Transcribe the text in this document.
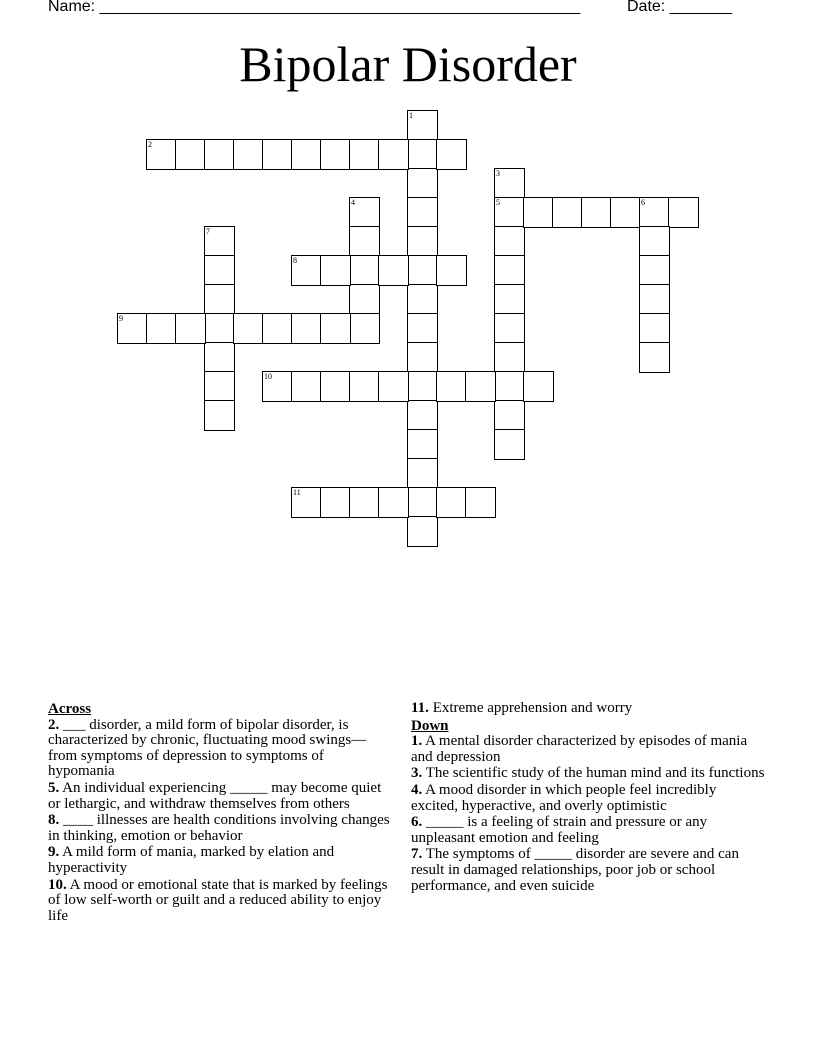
Name: ______________________________________________________	Date: _______
Bipolar Disorder
1
2
3
5
4	6
7
8
9
10
11
Across
2. ___ disorder, a mild form of bipolar disorder, is characterized by chronic, fluctuating mood swings—from symptoms of depression to symptoms of hypomania
5. An individual experiencing _____ may become quiet or lethargic, and withdraw themselves from others
8. ____ illnesses are health conditions involving changes in thinking, emotion or behavior
9. A mild form of mania, marked by elation and hyperactivity
10. A mood or emotional state that is marked by feelings of low self-worth or guilt and a reduced ability to enjoy life
11. Extreme apprehension and worry
Down
1. A mental disorder characterized by episodes of mania and depression
3. The scientific study of the human mind and its functions
4. A mood disorder in which people feel incredibly excited, hyperactive, and overly optimistic
6. _____ is a feeling of strain and pressure or any unpleasant emotion and feeling
7. The symptoms of _____ disorder are severe and can result in damaged relationships, poor job or school performance, and even suicide
